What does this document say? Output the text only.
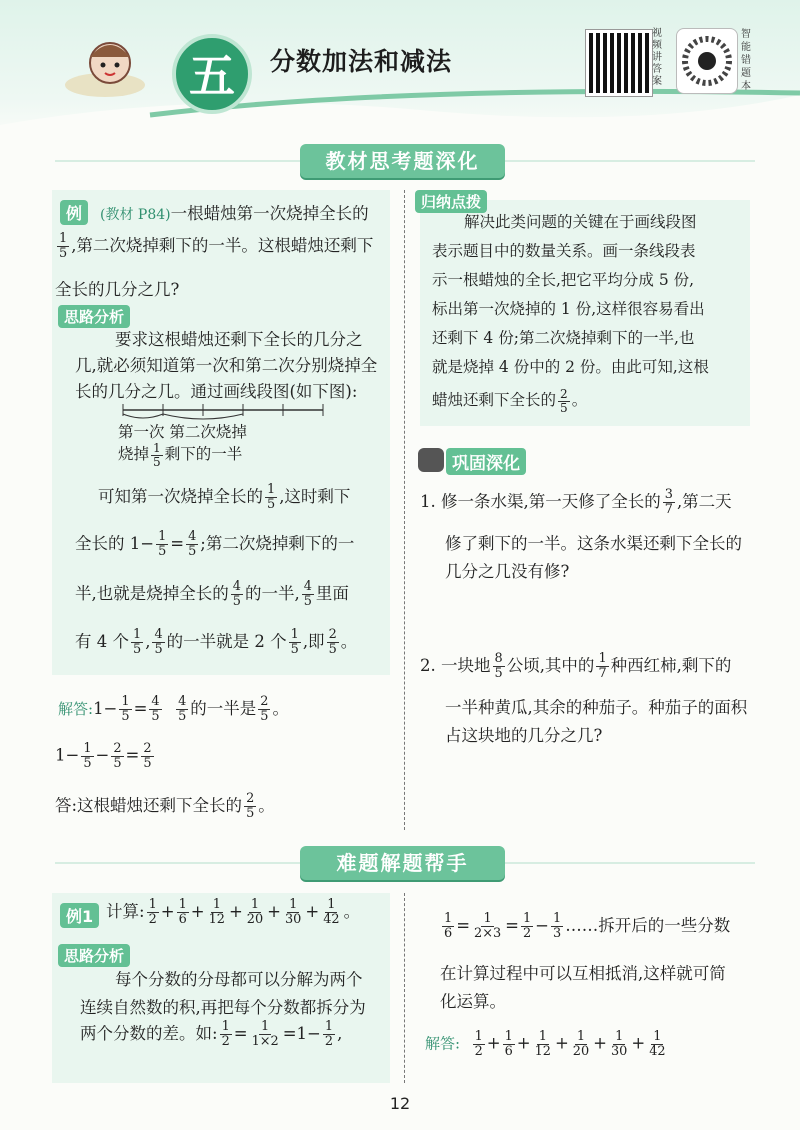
五	分数加法和减法
视频讲答案
智能错题本
教材思考题深化
例	(教材 P84)一根蜡烛第一次烧掉全长的
$\frac{1}{5}$ ,第二次烧掉剩下的一半。这根蜡烛还剩下
全长的几分之几?
思路分析
要求这根蜡烛还剩下全长的几分之
几,就必须知道第一次和第二次分别烧掉全
长的几分之几。通过画线段图(如下图):
第一次 第二次烧掉
烧掉 $\frac{1}{5}$ 剩下的一半
可知第一次烧掉全长的 $\frac{1}{5}$ ,这时剩下
全长的 $1- \frac{1}{5} = \frac{4}{5}$ ;第二次烧掉剩下的一
半,也就是烧掉全长的 $\frac{4}{5}$ 的一半, $\frac{4}{5}$ 里面
有 4 个 $\frac{1}{5}$ , $\frac{4}{5}$ 的一半就是 2 个 $\frac{1}{5}$ ,即 $\frac{2}{5}$ 。
解答:1− $\frac{1}{5} = \frac{4}{5}$
$\frac{4}{5}$ 的一半是 $\frac{2}{5}$ 。
$1- \frac{1}{5} - \frac{2}{5} = \frac{2}{5}$
答:这根蜡烛还剩下全长的 $\frac{2}{5}$ 。
归纳点拨
解决此类问题的关键在于画线段图
表示题目中的数量关系。画一条线段表
示一根蜡烛的全长,把它平均分成 5 份,
标出第一次烧掉的 1 份,这样很容易看出
还剩下 4 份;第二次烧掉剩下的一半,也
就是烧掉 4 份中的 2 份。由此可知,这根
蜡烛还剩下全长的 $\frac{2}{5}$ 。
巩固深化
1. 修一条水渠,第一天修了全长的 $\frac{3}{7}$ ,第二天
修了剩下的一半。这条水渠还剩下全长的
几分之几没有修?
2. 一块地 $\frac{8}{5}$ 公顷,其中的 $\frac{1}{7}$ 种西红柿,剩下的
一半种黄瓜,其余的种茄子。种茄子的面积
占这块地的几分之几?
难题解题帮手
例1 计算: $\frac{1}{2} + \frac{1}{6} + \frac{1}{12} + \frac{1}{20} + \frac{1}{30} + \frac{1}{42}$ 。
思路分析
每个分数的分母都可以分解为两个
连续自然数的积,再把每个分数都拆分为
两个分数的差。如: $\frac{1}{2} = \frac{1}{1\times 2} =1- \frac{1}{2}$ ,
$\frac{1}{6} = \frac{1}{2\times 3} = \frac{1}{2} - \frac{1}{3}$ ……拆开后的一些分数
在计算过程中可以互相抵消,这样就可简
化运算。
解答: $\frac{1}{2} + \frac{1}{6} + \frac{1}{12} + \frac{1}{20} + \frac{1}{30} + \frac{1}{42}$
12
